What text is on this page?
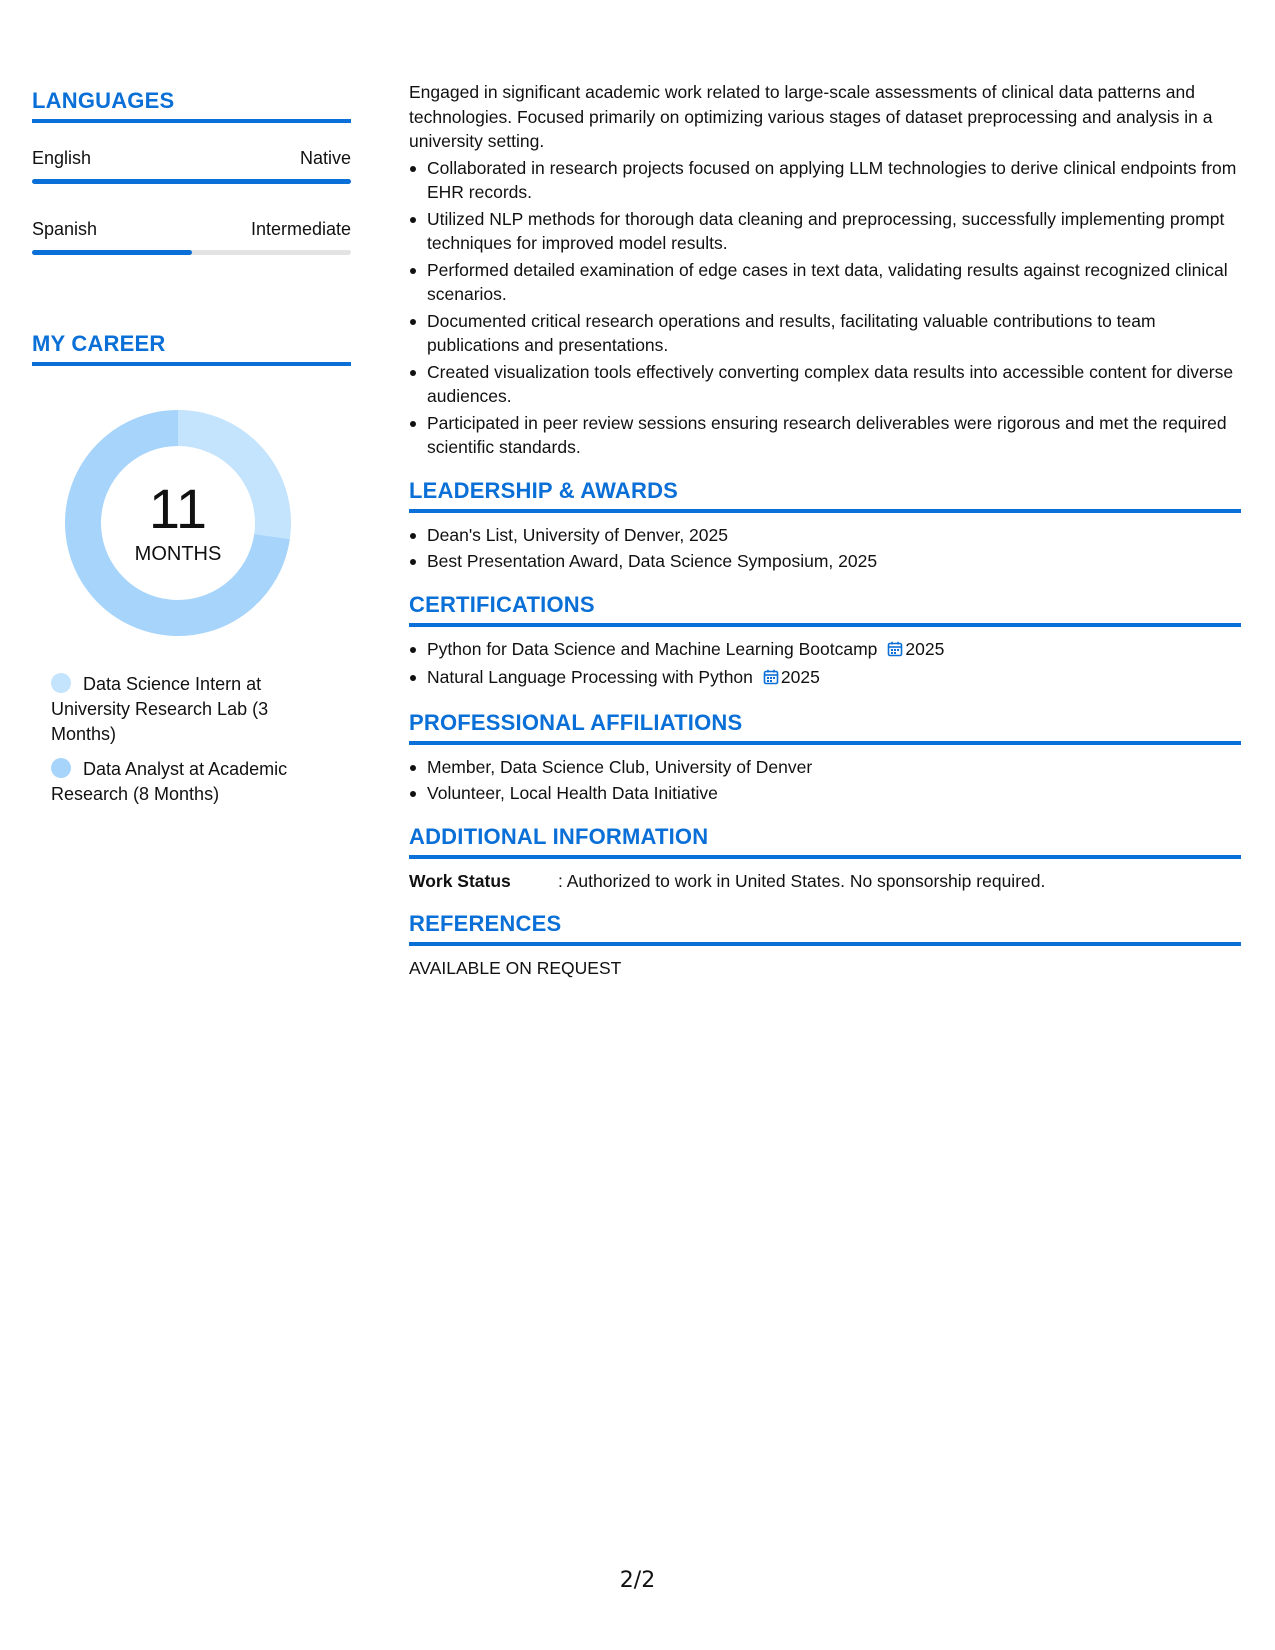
LANGUAGES
English	Native
Spanish	Intermediate
MY CAREER
11
MONTHS
Data Science Intern at University Research Lab (3 Months)
Data Analyst at Academic Research (8 Months)

Engaged in significant academic work related to large-scale assessments of clinical data patterns and technologies. Focused primarily on optimizing various stages of dataset preprocessing and analysis in a university setting.

Collaborated in research projects focused on applying LLM technologies to derive clinical endpoints from EHR records.
Utilized NLP methods for thorough data cleaning and preprocessing, successfully implementing prompt techniques for improved model results.
Performed detailed examination of edge cases in text data, validating results against recognized clinical scenarios.
Documented critical research operations and results, facilitating valuable contributions to team publications and presentations.
Created visualization tools effectively converting complex data results into accessible content for diverse audiences.
Participated in peer review sessions ensuring research deliverables were rigorous and met the required scientific standards.
LEADERSHIP & AWARDS
Dean's List, University of Denver, 2025
Best Presentation Award, Data Science Symposium, 2025
CERTIFICATIONS
Python for Data Science and Machine Learning Bootcamp 2025
Natural Language Processing with Python 2025
PROFESSIONAL AFFILIATIONS
Member, Data Science Club, University of Denver
Volunteer, Local Health Data Initiative
ADDITIONAL INFORMATION
Work Status	: Authorized to work in United States. No sponsorship required.
REFERENCES
AVAILABLE ON REQUEST
2/2
